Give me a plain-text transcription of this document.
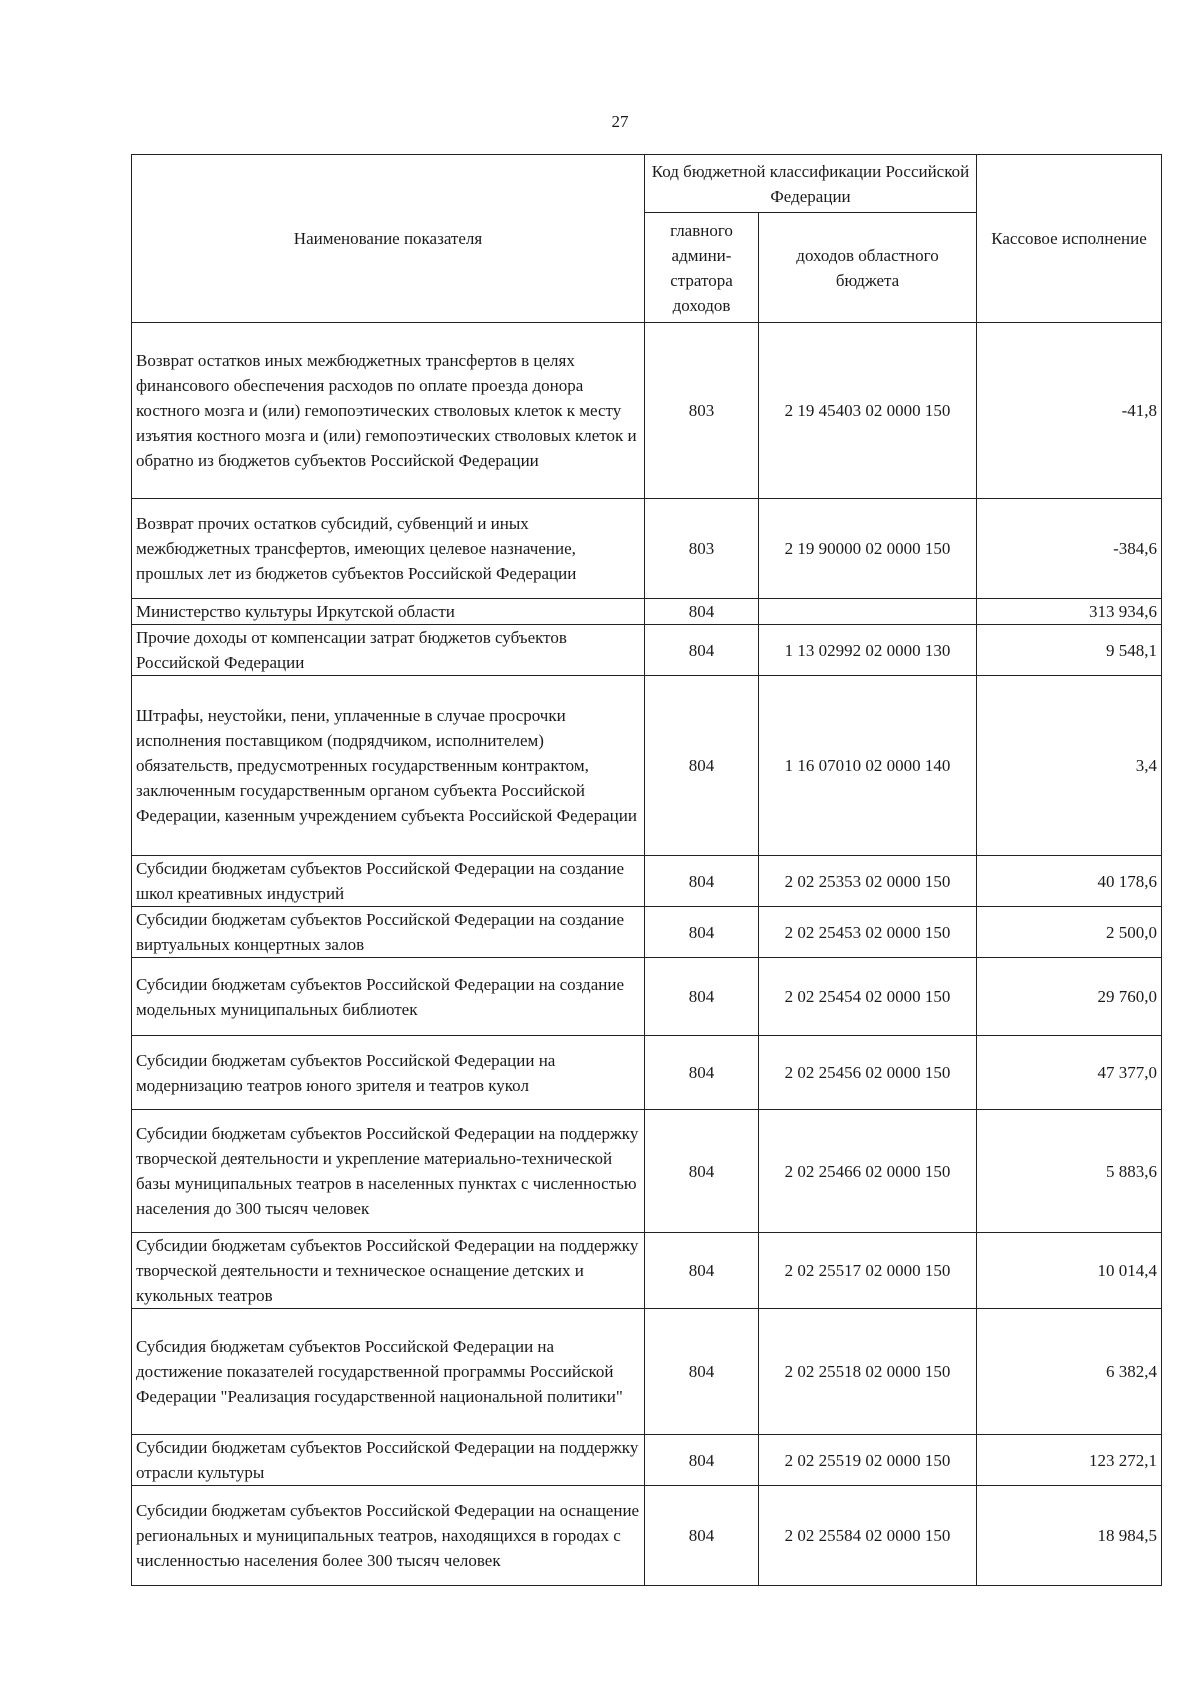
27
Наименование показателя	Код бюджетной классификации Российской Федерации		Кассовое исполнение
	главного админи- стратора доходов	доходов областного бюджета	
Возврат остатков иных межбюджетных трансфертов в целях финансового обеспечения расходов по оплате проезда донора костного мозга и (или) гемопоэтических стволовых клеток к месту изъятия костного мозга и (или) гемопоэтических стволовых клеток и обратно из бюджетов субъектов Российской Федерации	803	2 19 45403 02 0000 150	-41,8
Возврат прочих остатков субсидий, субвенций и иных межбюджетных трансфертов, имеющих целевое назначение, прошлых лет из бюджетов субъектов Российской Федерации	803	2 19 90000 02 0000 150	-384,6
Министерство культуры Иркутской области	804		313 934,6
Прочие доходы от компенсации затрат бюджетов субъектов Российской Федерации	804	1 13 02992 02 0000 130	9 548,1
Штрафы, неустойки, пени, уплаченные в случае просрочки исполнения поставщиком (подрядчиком, исполнителем) обязательств, предусмотренных государственным контрактом, заключенным государственным органом субъекта Российской Федерации, казенным учреждением субъекта Российской Федерации	804	1 16 07010 02 0000 140	3,4
Субсидии бюджетам субъектов Российской Федерации на создание школ креативных индустрий	804	2 02 25353 02 0000 150	40 178,6
Субсидии бюджетам субъектов Российской Федерации на создание виртуальных концертных залов	804	2 02 25453 02 0000 150	2 500,0
Субсидии бюджетам субъектов Российской Федерации на создание модельных муниципальных библиотек	804	2 02 25454 02 0000 150	29 760,0
Субсидии бюджетам субъектов Российской Федерации на модернизацию театров юного зрителя и театров кукол	804	2 02 25456 02 0000 150	47 377,0
Субсидии бюджетам субъектов Российской Федерации на поддержку творческой деятельности и укрепление материально-технической базы муниципальных театров в населенных пунктах с численностью населения до 300 тысяч человек	804	2 02 25466 02 0000 150	5 883,6
Субсидии бюджетам субъектов Российской Федерации на поддержку творческой деятельности и техническое оснащение детских и кукольных театров	804	2 02 25517 02 0000 150	10 014,4
Субсидия бюджетам субъектов Российской Федерации на достижение показателей государственной программы Российской Федерации "Реализация государственной национальной политики"	804	2 02 25518 02 0000 150	6 382,4
Субсидии бюджетам субъектов Российской Федерации на поддержку отрасли культуры	804	2 02 25519 02 0000 150	123 272,1
Субсидии бюджетам субъектов Российской Федерации на оснащение региональных и муниципальных театров, находящихся в городах с численностью населения более 300 тысяч человек	804	2 02 25584 02 0000 150	18 984,5
